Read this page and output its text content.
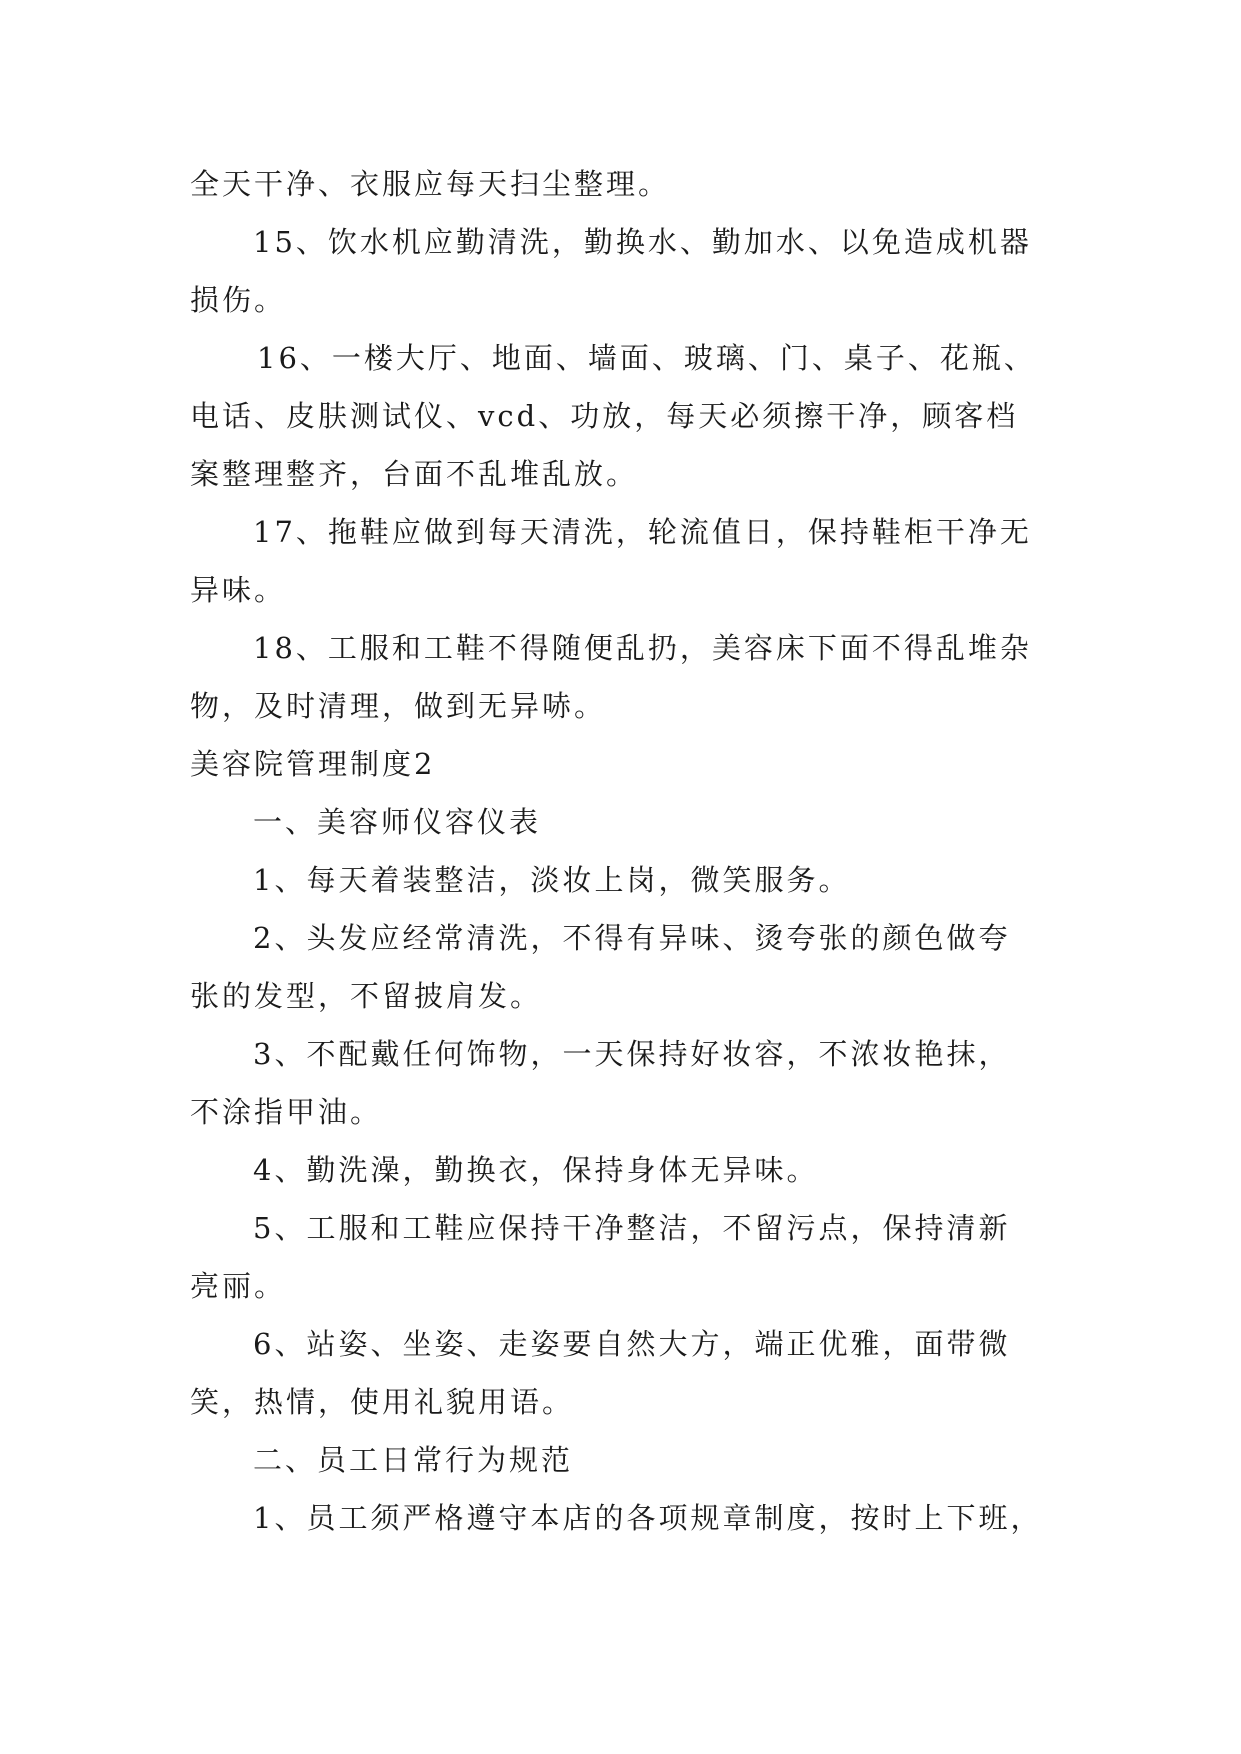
全天干净、衣服应每天扫尘整理。

15、饮水机应勤清洗，勤换水、勤加水、以免造成机器

损伤。

16、一楼大厅、地面、墙面、玻璃、门、桌子、花瓶、

电话、皮肤测试仪、vcd、功放，每天必须擦干净，顾客档

案整理整齐，台面不乱堆乱放。

17、拖鞋应做到每天清洗，轮流值日，保持鞋柜干净无

异味。

18、工服和工鞋不得随便乱扔，美容床下面不得乱堆杂

物，及时清理，做到无异哧。

美容院管理制度2

一、美容师仪容仪表

1、每天着装整洁，淡妆上岗，微笑服务。

2、头发应经常清洗，不得有异味、烫夸张的颜色做夸

张的发型，不留披肩发。

3、不配戴任何饰物，一天保持好妆容，不浓妆艳抹，

不涂指甲油。

4、勤洗澡，勤换衣，保持身体无异味。

5、工服和工鞋应保持干净整洁，不留污点，保持清新

亮丽。

6、站姿、坐姿、走姿要自然大方，端正优雅，面带微

笑，热情，使用礼貌用语。

二、员工日常行为规范

1、员工须严格遵守本店的各项规章制度，按时上下班，
